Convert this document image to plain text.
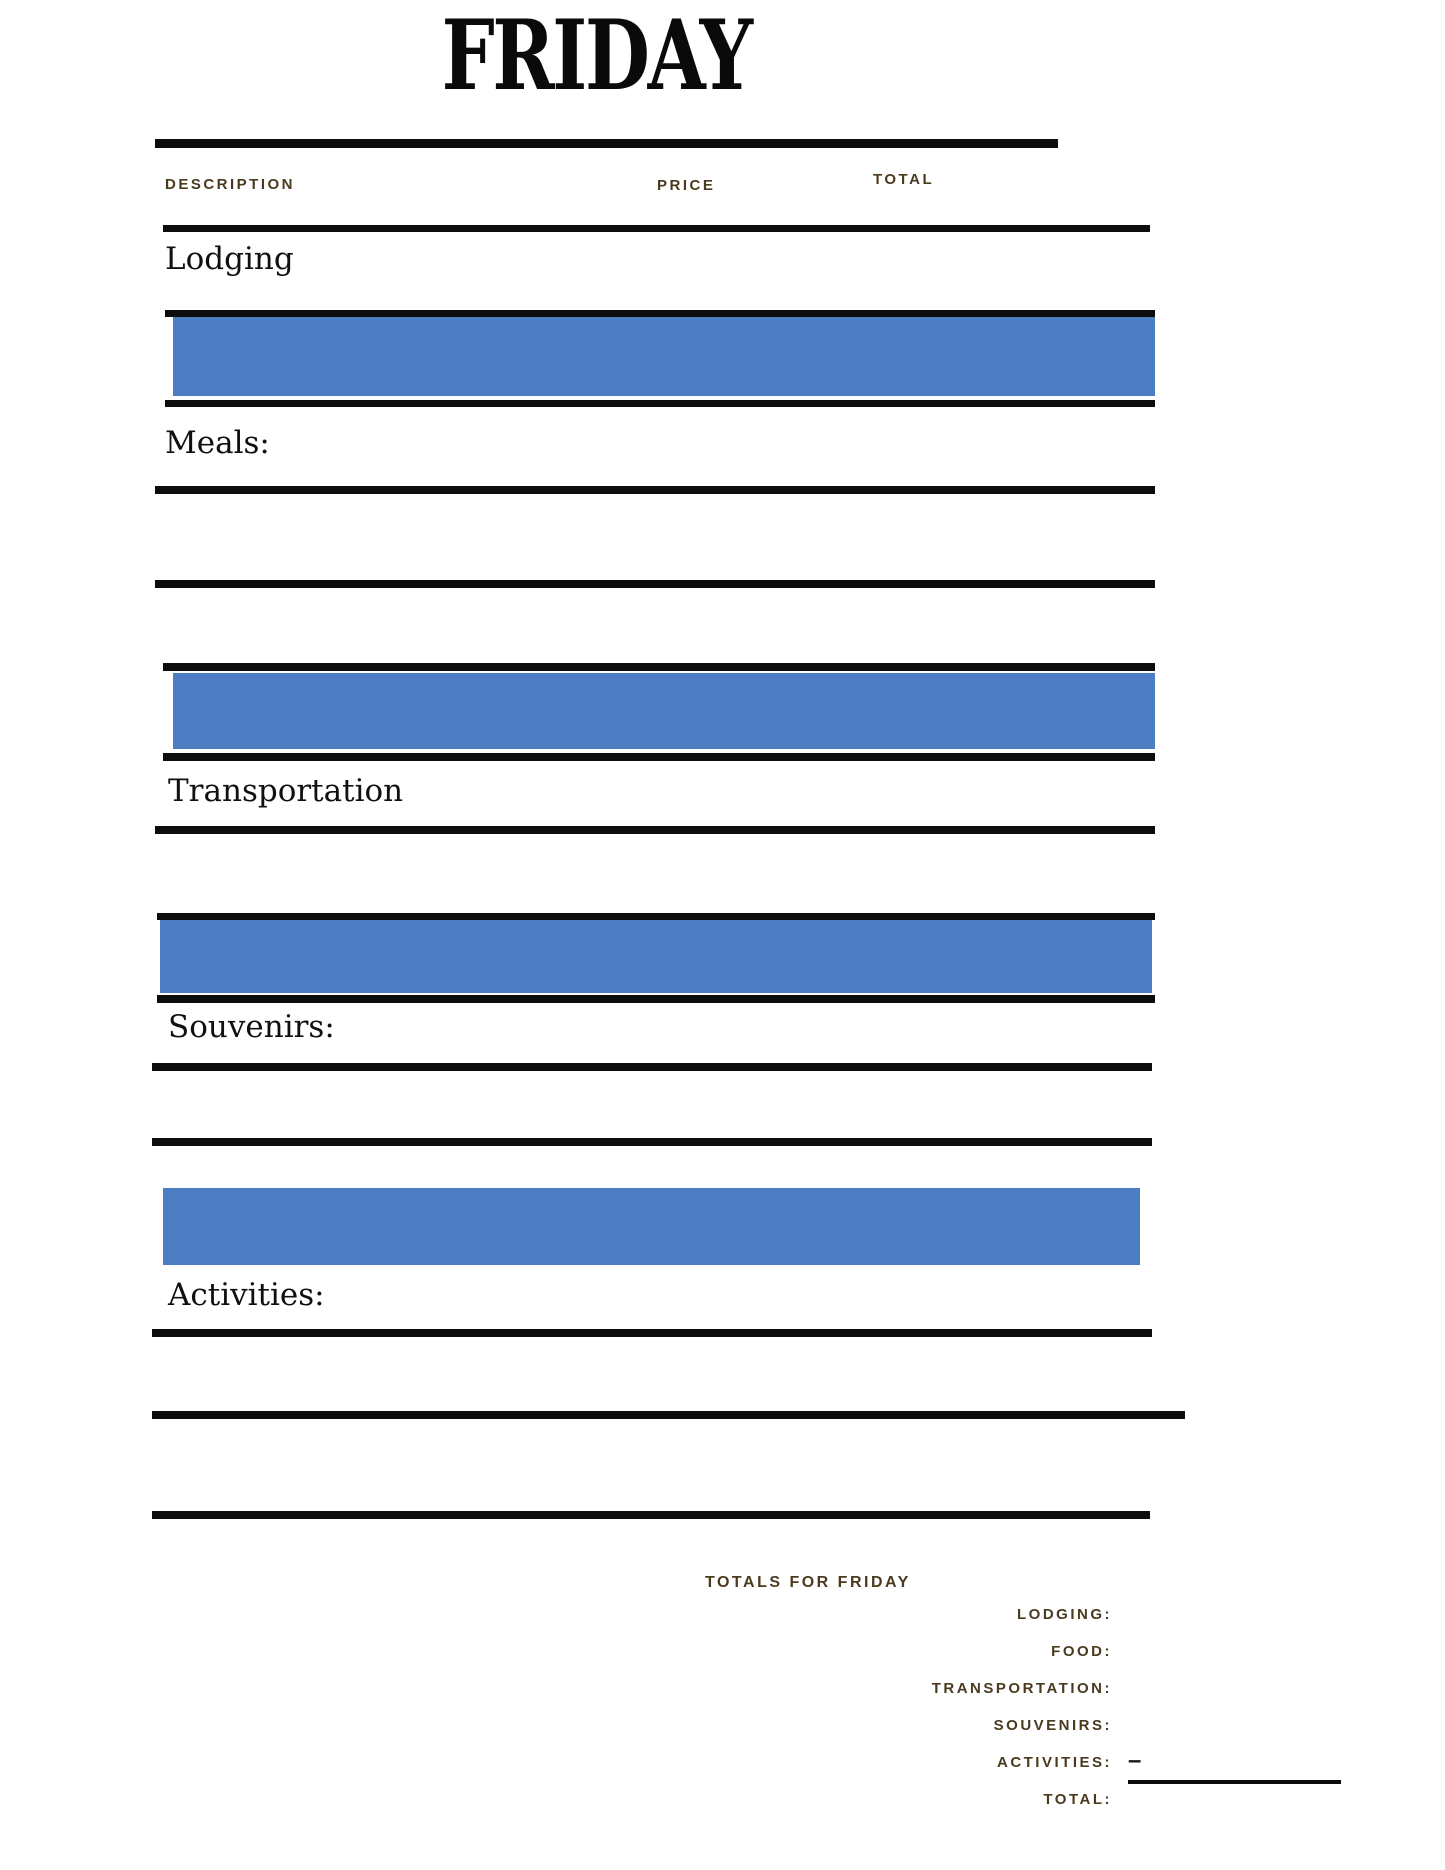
FRIDAY
DESCRIPTION	PRICE	TOTAL
Lodging
Meals:
Transportation
Souvenirs:
Activities:
TOTALS FOR FRIDAY
LODGING:
FOOD:
TRANSPORTATION:
SOUVENIRS:
ACTIVITIES: –
TOTAL:
